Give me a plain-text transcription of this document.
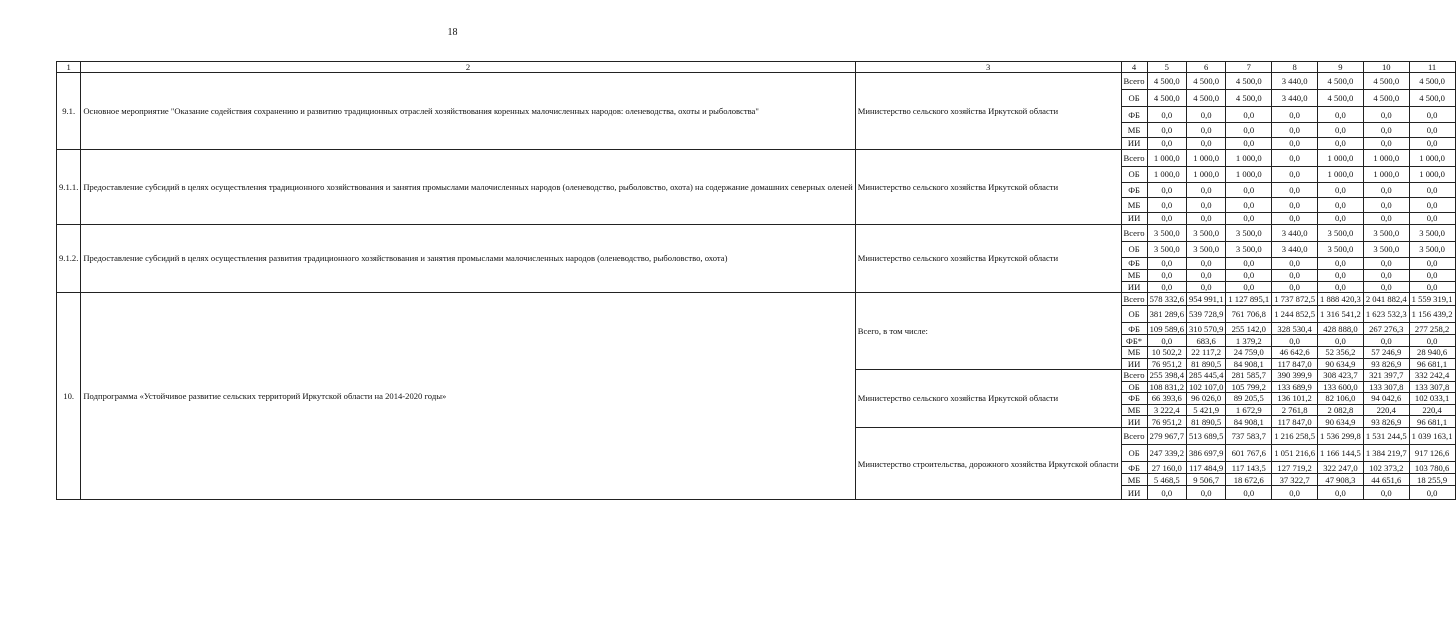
18
1	2	3	4	5	6	7	8	9	10	11
9.1.	Основное мероприятие "Оказание содействия сохранению и развитию традиционных отраслей хозяйствования коренных малочисленных народов: оленеводства, охоты и рыболовства"	Министерство сельского хозяйства Иркутской области	Всего	4 500,0	4 500,0	4 500,0	3 440,0	4 500,0	4 500,0	4 500,0
			ОБ	4 500,0	4 500,0	4 500,0	3 440,0	4 500,0	4 500,0	4 500,0
			ФБ	0,0	0,0	0,0	0,0	0,0	0,0	0,0
			МБ	0,0	0,0	0,0	0,0	0,0	0,0	0,0
			ИИ	0,0	0,0	0,0	0,0	0,0	0,0	0,0
9.1.1.	Предоставление субсидий в целях осуществления традиционного хозяйствования и занятия промыслами малочисленных народов (оленеводство, рыболовство, охота) на содержание домашних северных оленей	Министерство сельского хозяйства Иркутской области	Всего	1 000,0	1 000,0	1 000,0	0,0	1 000,0	1 000,0	1 000,0
			ОБ	1 000,0	1 000,0	1 000,0	0,0	1 000,0	1 000,0	1 000,0
			ФБ	0,0	0,0	0,0	0,0	0,0	0,0	0,0
			МБ	0,0	0,0	0,0	0,0	0,0	0,0	0,0
			ИИ	0,0	0,0	0,0	0,0	0,0	0,0	0,0
9.1.2.	Предоставление субсидий в целях осуществления развития традиционного хозяйствования и занятия промыслами малочисленных народов (оленеводство, рыболовство, охота)	Министерство сельского хозяйства Иркутской области	Всего	3 500,0	3 500,0	3 500,0	3 440,0	3 500,0	3 500,0	3 500,0
			ОБ	3 500,0	3 500,0	3 500,0	3 440,0	3 500,0	3 500,0	3 500,0
			ФБ	0,0	0,0	0,0	0,0	0,0	0,0	0,0
			МБ	0,0	0,0	0,0	0,0	0,0	0,0	0,0
			ИИ	0,0	0,0	0,0	0,0	0,0	0,0	0,0
10.	Подпрограмма «Устойчивое развитие сельских территорий Иркутской области на 2014-2020 годы»	Всего, в том числе:	Всего	578 332,6	954 991,1	1 127 895,1	1 737 872,5	1 888 420,3	2 041 882,4	1 559 319,1
			ОБ	381 289,6	539 728,9	761 706,8	1 244 852,5	1 316 541,2	1 623 532,3	1 156 439,2
			ФБ	109 589,6	310 570,9	255 142,0	328 530,4	428 888,0	267 276,3	277 258,2
			ФБ*	0,0	683,6	1 379,2	0,0	0,0	0,0	0,0
			МБ	10 502,2	22 117,2	24 759,0	46 642,6	52 356,2	57 246,9	28 940,6
			ИИ	76 951,2	81 890,5	84 908,1	117 847,0	90 634,9	93 826,9	96 681,1
		Министерство сельского хозяйства Иркутской области	Всего	255 398,4	285 445,4	281 585,7	390 399,9	308 423,7	321 397,7	332 242,4
			ОБ	108 831,2	102 107,0	105 799,2	133 689,9	133 600,0	133 307,8	133 307,8
			ФБ	66 393,6	96 026,0	89 205,5	136 101,2	82 106,0	94 042,6	102 033,1
			МБ	3 222,4	5 421,9	1 672,9	2 761,8	2 082,8	220,4	220,4
			ИИ	76 951,2	81 890,5	84 908,1	117 847,0	90 634,9	93 826,9	96 681,1
		Министерство строительства, дорожного хозяйства Иркутской области	Всего	279 967,7	513 689,5	737 583,7	1 216 258,5	1 536 299,8	1 531 244,5	1 039 163,1
			ОБ	247 339,2	386 697,9	601 767,6	1 051 216,6	1 166 144,5	1 384 219,7	917 126,6
			ФБ	27 160,0	117 484,9	117 143,5	127 719,2	322 247,0	102 373,2	103 780,6
			МБ	5 468,5	9 506,7	18 672,6	37 322,7	47 908,3	44 651,6	18 255,9
			ИИ	0,0	0,0	0,0	0,0	0,0	0,0	0,0
